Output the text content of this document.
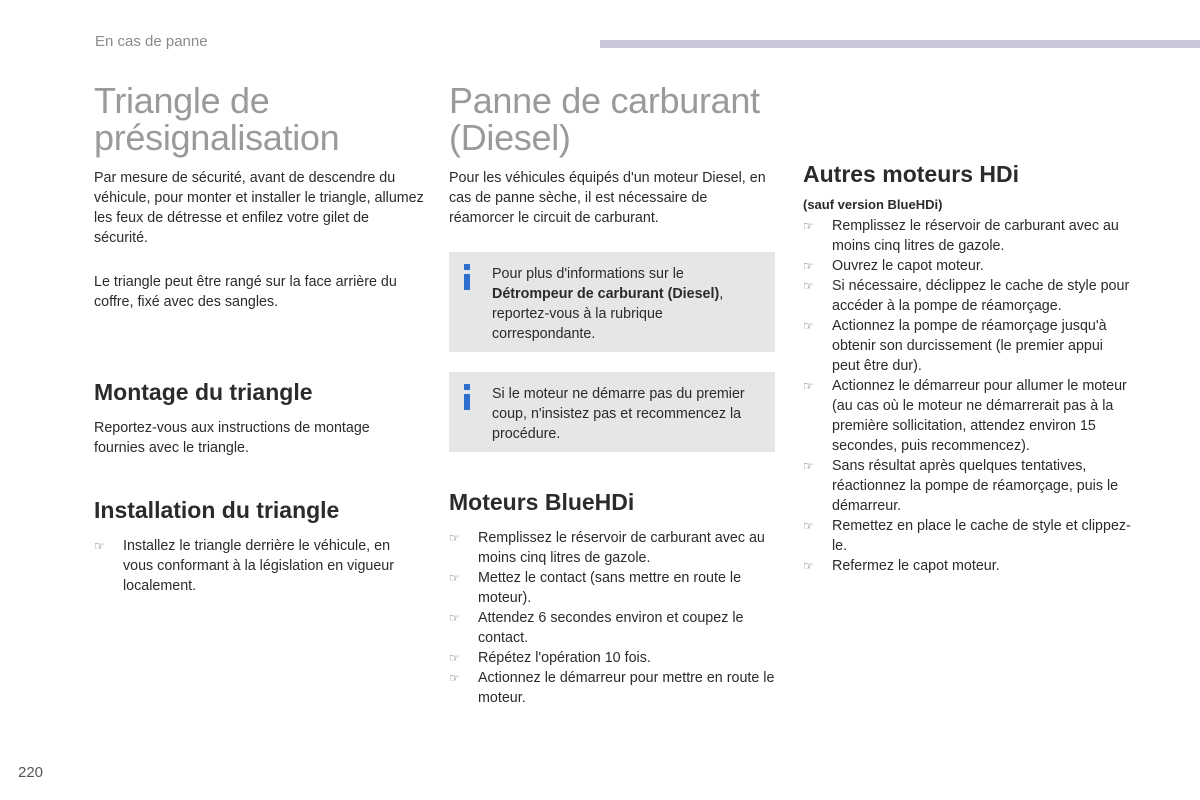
En cas de panne
Triangle de
présignalisation

Par mesure de sécurité, avant de descendre du véhicule, pour monter et installer le triangle, allumez les feux de détresse et enfilez votre gilet de sécurité.

Le triangle peut être rangé sur la face arrière du coffre, fixé avec des sangles.

Montage du triangle

Reportez-vous aux instructions de montage fournies avec le triangle.

Installation du triangle
☞ Installez le triangle derrière le véhicule, en vous conformant à la législation en vigueur localement.
Panne de carburant
(Diesel)

Pour les véhicules équipés d'un moteur Diesel, en cas de panne sèche, il est nécessaire de réamorcer le circuit de carburant.

Pour plus d'informations sur le Détrompeur de carburant (Diesel), reportez-vous à la rubrique correspondante.
Si le moteur ne démarre pas du premier coup, n'insistez pas et recommencez la procédure.
Moteurs BlueHDi
☞ Remplissez le réservoir de carburant avec au moins cinq litres de gazole.
☞ Mettez le contact (sans mettre en route le moteur).
☞ Attendez 6 secondes environ et coupez le contact.
☞ Répétez l'opération 10 fois.
☞ Actionnez le démarreur pour mettre en route le moteur.
Autres moteurs HDi
(sauf version BlueHDi)
☞ Remplissez le réservoir de carburant avec au moins cinq litres de gazole.
☞ Ouvrez le capot moteur.
☞ Si nécessaire, déclippez le cache de style pour accéder à la pompe de réamorçage.
☞ Actionnez la pompe de réamorçage jusqu'à obtenir son durcissement (le premier appui peut être dur).
☞ Actionnez le démarreur pour allumer le moteur (au cas où le moteur ne démarrerait pas à la première sollicitation, attendez environ 15 secondes, puis recommencez).
☞ Sans résultat après quelques tentatives, réactionnez la pompe de réamorçage, puis le démarreur.
☞ Remettez en place le cache de style et clippez-le.
☞ Refermez le capot moteur.
220
